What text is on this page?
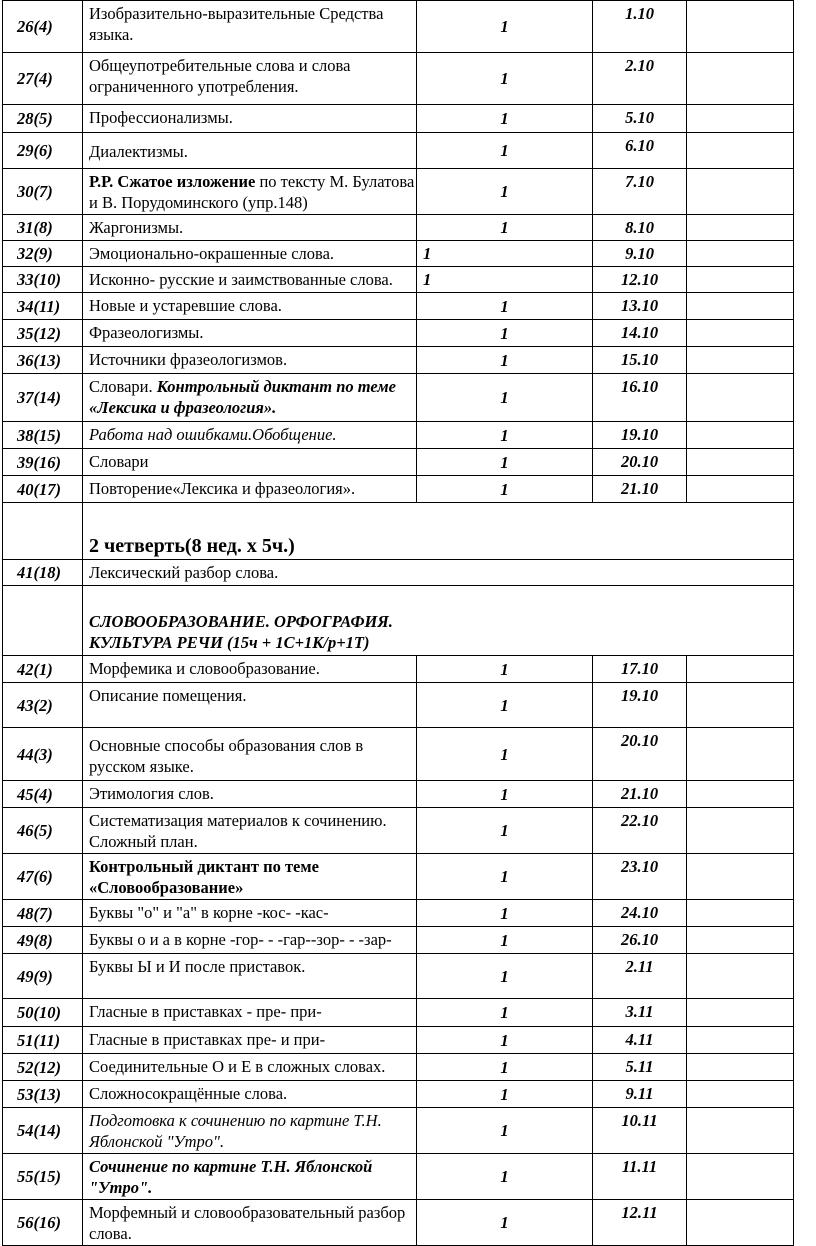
26(4)	Изобразительно-выразительные Средства языка.	1	1.10	
27(4)	Общеупотребительные слова и слова ограниченного употребления.	1	2.10	
28(5)	Профессионализмы.	1	5.10	
29(6)	Диалектизмы.	1	6.10	
30(7)	Р.Р. Сжатое изложение по тексту М. Булатова и В. Порудоминского (упр.148)	1	7.10	
31(8)	Жаргонизмы.	1	8.10	
32(9)	Эмоционально-окрашенные слова.	1	9.10	
33(10)	Исконно- русские и заимствованные слова.	1	12.10	
34(11)	Новые и устаревшие слова.	1	13.10	
35(12)	Фразеологизмы.	1	14.10	
36(13)	Источники фразеологизмов.	1	15.10	
37(14)	Словари. Контрольный диктант по теме «Лексика и фразеология».	1	16.10	
38(15)	Работа над ошибками.Обобщение.	1	19.10	
39(16)	Словари	1	20.10	
40(17)	Повторение«Лексика и фразеология».	1	21.10	
	2 четверть(8 нед. х 5ч.)			
41(18)	Лексический разбор слова.			

	СЛОВООБРАЗОВАНИЕ. ОРФОГРАФИЯ. КУЛЬТУРА РЕЧИ (15ч + 1С+1К/р+1Т)			

42(1)	Морфемика и словообразование.	1	17.10	
43(2)	Описание помещения.	1	19.10	
44(3)	Основные способы образования слов в русском языке.	1	20.10	
45(4)	Этимология слов.	1	21.10	
46(5)	Систематизация материалов к сочинению. Сложный план.	1	22.10	
47(6)	Контрольный диктант по теме «Словообразование»	1	23.10	
48(7)	Буквы "о" и "а" в корне -кос- -кас-	1	24.10	
49(8)	Буквы о и а в корне -гор- - -гар--зор- - -зар-	1	26.10	
49(9)	Буквы Ы и И после приставок.	1	2.11	
50(10)	Гласные в приставках - пре- при-	1	3.11	
51(11)	Гласные в приставках пре- и при-	1	4.11	
52(12)	Соединительные О и Е в сложных словах.	1	5.11	
53(13)	Сложносокращённые слова.	1	9.11	
54(14)	Подготовка к сочинению по картине Т.Н. Яблонской "Утро".	1	10.11	
55(15)	Сочинение по картине Т.Н. Яблонской "Утро".	1	11.11	
56(16)	Морфемный и словообразовательный разбор слова.	1	12.11	
